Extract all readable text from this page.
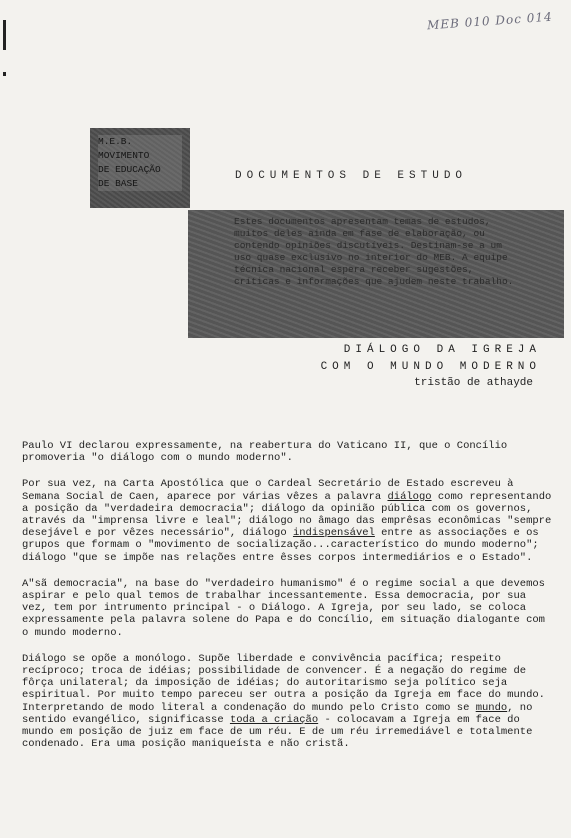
MEB 010 Doc 014
M.E.B.
MOVIMENTO
DE EDUCAÇÃO
DE BASE
DOCUMENTOS DE ESTUDO
Estes documentos apresentam temas de estudos, muitos deles ainda em fase de elaboração, ou contendo opiniões discutíveis. Destinam-se a um uso quase exclusivo no interior do MEB. A equipe técnica nacional espera receber sugestões, críticas e informações que ajudem neste trabalho.
DIÁLOGO DA IGREJA
COM O MUNDO MODERNO
tristão de athayde

Paulo VI declarou expressamente, na reabertura do Vaticano II, que o Concílio promoveria "o diálogo com o mundo moderno".

Por sua vez, na Carta Apostólica que o Cardeal Secretário de Estado escreveu à Semana Social de Caen, aparece por várias vêzes a palavra diálogo como representando a posição da "verdadeira democracia"; diálogo da opinião pública com os governos, através da "imprensa livre e leal"; diálogo no âmago das emprêsas econômicas "sempre desejável e por vêzes necessário", diálogo indispensável entre as associações e os grupos que formam o "movimento de socialização...característico do mundo moderno"; diálogo "que se impõe nas relações entre êsses corpos intermediários e o Estado".

A"sã democracia", na base do "verdadeiro humanismo" é o regime social a que devemos aspirar e pelo qual temos de trabalhar incessantemente. Essa democracia, por sua vez, tem por intrumento principal - o Diálogo. A Igreja, por seu lado, se coloca expressamente pela palavra solene do Papa e do Concílio, em situação dialogante com o mundo moderno.

Diálogo se opõe a monólogo. Supõe liberdade e convivência pacífica; respeito recíproco; troca de idéias; possibilidade de convencer. É a negação do regime de fôrça unilateral; da imposição de idéias; do autoritarismo seja político seja espiritual. Por muito tempo pareceu ser outra a posição da Igreja em face do mundo. Interpretando de modo literal a condenação do mundo pelo Cristo como se mundo, no sentido evangélico, significasse toda a criação - colocavam a Igreja em face do mundo em posição de juiz em face de um réu. E de um réu irremediável e totalmente condenado. Era uma posição maniqueísta e não cristã.
